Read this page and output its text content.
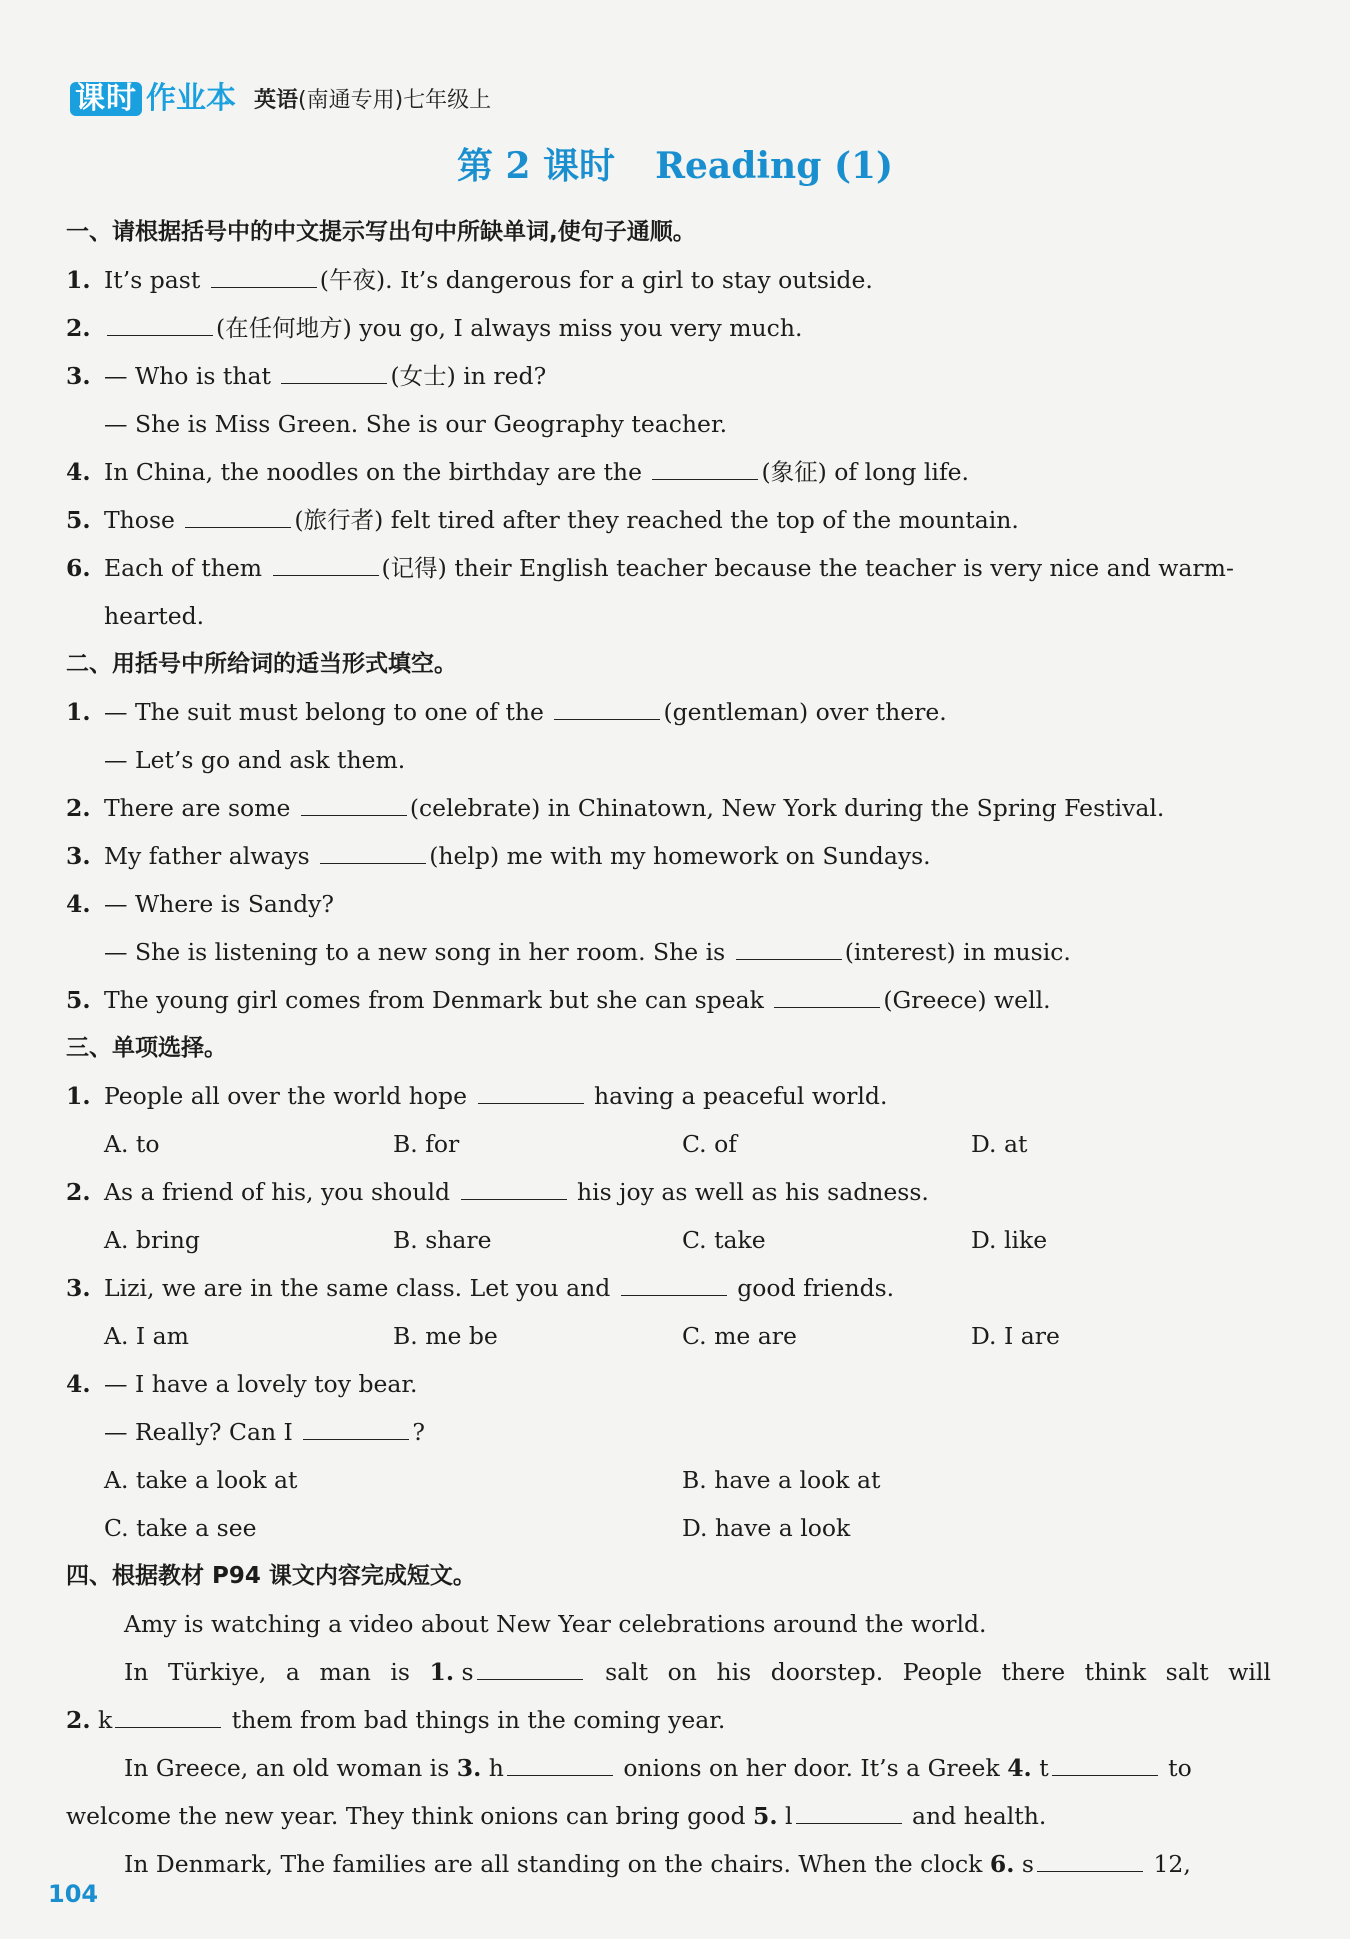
课时 作业本 英语(南通专用)七年级上
第 2 课时 Reading (1)
一、请根据括号中的中文提示写出句中所缺单词,使句子通顺。
1. It’s past	(午夜). It’s dangerous for a girl to stay outside.
2.	(在任何地方) you go, I always miss you very much.
3. — Who is that	(女士) in red?
— She is Miss Green. She is our Geography teacher.
4. In China, the noodles on the birthday are the	(象征) of long life.
5. Those	(旅行者) felt tired after they reached the top of the mountain.
6. Each of them	(记得) their English teacher because the teacher is very nice and warm-
hearted.
二、用括号中所给词的适当形式填空。
1. — The suit must belong to one of the	(gentleman) over there.
— Let’s go and ask them.
2. There are some	(celebrate) in Chinatown, New York during the Spring Festival.
3. My father always	(help) me with my homework on Sundays.
4. — Where is Sandy?
— She is listening to a new song in her room. She is	(interest) in music.
5. The young girl comes from Denmark but she can speak	(Greece) well.
三、单项选择。
1. People all over the world hope	having a peaceful world.
A. to	B. for	C. of	D. at
2. As a friend of his, you should	his joy as well as his sadness.
A. bring	B. share	C. take	D. like
3. Lizi, we are in the same class. Let you and	good friends.
A. I am	B. me be	C. me are	D. I are
4. — I have a lovely toy bear.
— Really? Can I	?
A. take a look at	B. have a look at
C. take a see	D. have a look
四、根据教材 P94 课文内容完成短文。
Amy is watching a video about New Year celebrations around the world.
In Türkiye, a man is 1. s	salt on his doorstep. People there think salt will
2. k	them from bad things in the coming year.
In Greece, an old woman is 3. h	onions on her door. It’s a Greek 4. t	to
welcome the new year. They think onions can bring good 5. l	and health.
In Denmark, The families are all standing on the chairs. When the clock 6. s	12,
104
